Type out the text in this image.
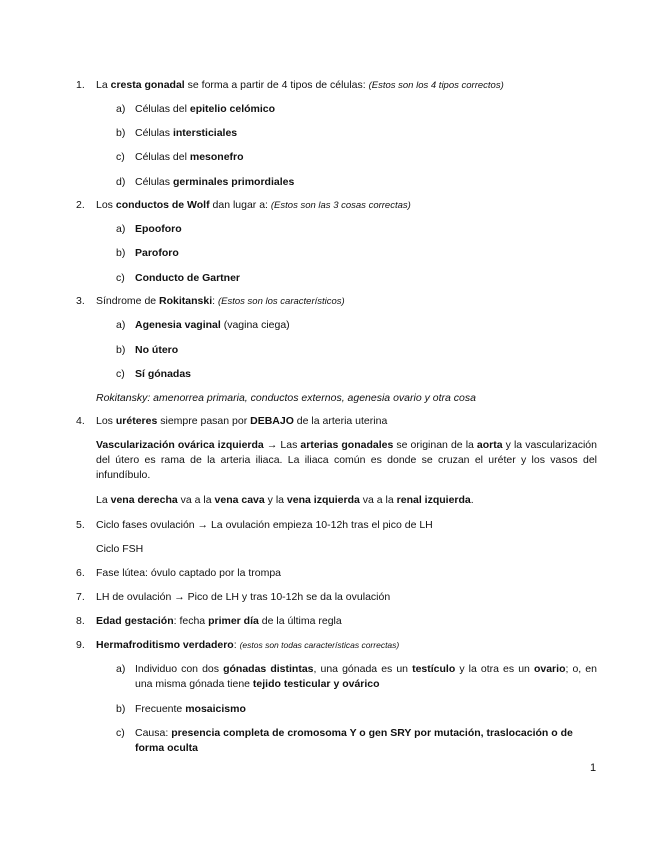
1.	La cresta gonadal se forma a partir de 4 tipos de células: (Estos son los 4 tipos correctos)
a) Células del epitelio celómico
b) Células intersticiales
c) Células del mesonefro
d) Células germinales primordiales
2.	Los conductos de Wolf dan lugar a: (Estos son las 3 cosas correctas)
a) Epooforo
b) Paroforo
c) Conducto de Gartner
3.	Síndrome de Rokitanski: (Estos son los característicos)
a) Agenesia vaginal (vagina ciega)
b) No útero
c) Sí gónadas
Rokitansky: amenorrea primaria, conductos externos, agenesia ovario y otra cosa
4.	Los uréteres siempre pasan por DEBAJO de la arteria uterina
Vascularización ovárica izquierda → Las arterias gonadales se originan de la aorta y la vascularización del útero es rama de la arteria iliaca. La iliaca común es donde se cruzan el uréter y los vasos del infundíbulo.
La vena derecha va a la vena cava y la vena izquierda va a la renal izquierda.
5.	Ciclo fases ovulación → La ovulación empieza 10-12h tras el pico de LH
Ciclo FSH
6.	Fase lútea: óvulo captado por la trompa
7.	LH de ovulación → Pico de LH y tras 10-12h se da la ovulación
8.	Edad gestación: fecha primer día de la última regla
9.	Hermafroditismo verdadero: (estos son todas características correctas)
a) Individuo con dos gónadas distintas, una gónada es un testículo y la otra es un ovario; o, en una misma gónada tiene tejido testicular y ovárico
b) Frecuente mosaicismo
c) Causa: presencia completa de cromosoma Y o gen SRY por mutación, traslocación o de forma oculta
1
